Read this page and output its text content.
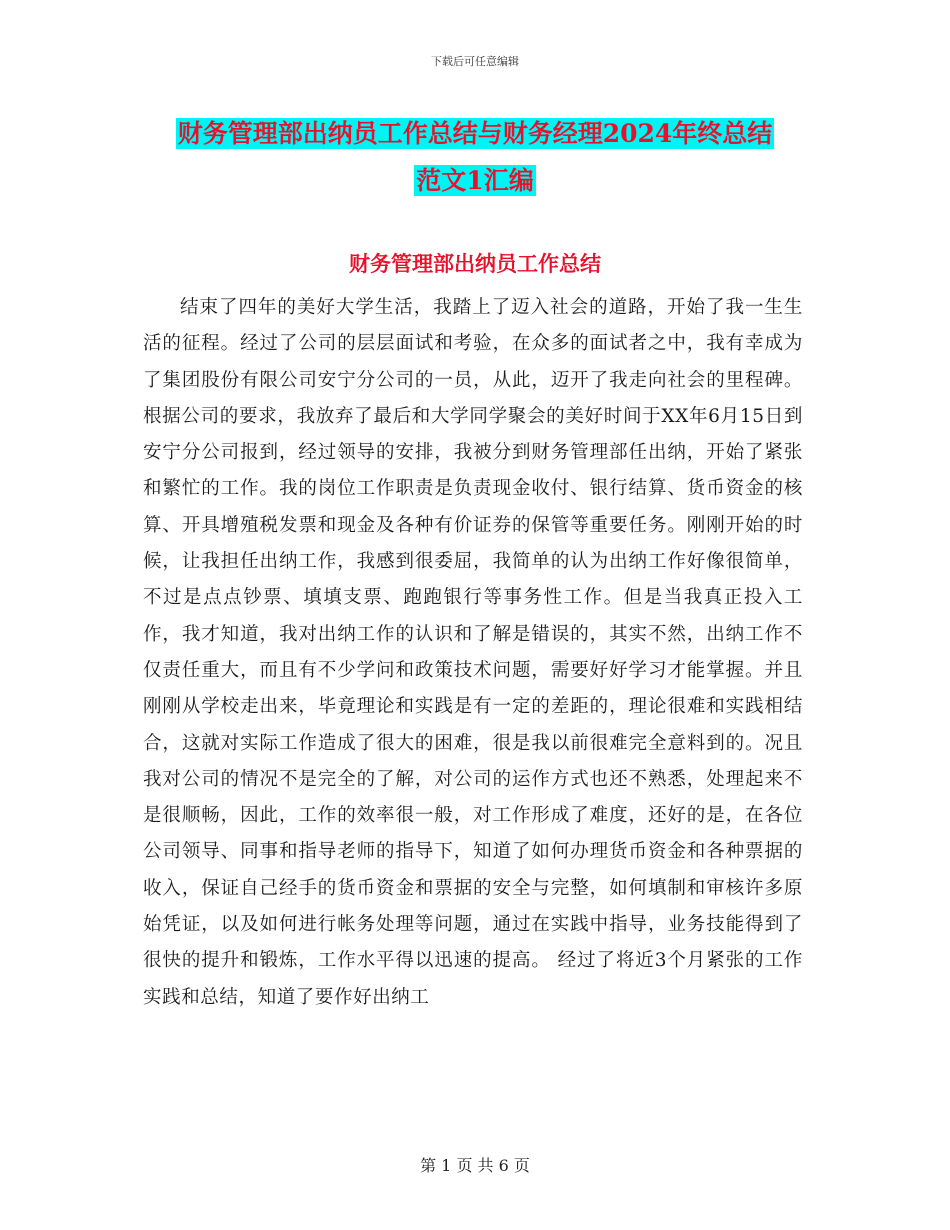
下载后可任意编辑
财务管理部出纳员工作总结与财务经理2024年终总结
范文1汇编
财务管理部出纳员工作总结

结束了四年的美好大学生活，我踏上了迈入社会的道路，开始了我一生生活的征程。经过了公司的层层面试和考验，在众多的面试者之中，我有幸成为了集团股份有限公司安宁分公司的一员，从此，迈开了我走向社会的里程碑。 根据公司的要求，我放弃了最后和大学同学聚会的美好时间于XX年6月15日到安宁分公司报到，经过领导的安排，我被分到财务管理部任出纳，开始了紧张和繁忙的工作。我的岗位工作职责是负责现金收付、银行结算、货币资金的核算、开具增殖税发票和现金及各种有价证券的保管等重要任务。刚刚开始的时候，让我担任出纳工作，我感到很委屈，我简单的认为出纳工作好像很简单，不过是点点钞票、填填支票、跑跑银行等事务性工作。但是当我真正投入工作，我才知道，我对出纳工作的认识和了解是错误的，其实不然，出纳工作不仅责任重大，而且有不少学问和政策技术问题，需要好好学习才能掌握。并且刚刚从学校走出来，毕竟理论和实践是有一定的差距的，理论很难和实践相结合，这就对实际工作造成了很大的困难，很是我以前很难完全意料到的。况且我对公司的情况不是完全的了解，对公司的运作方式也还不熟悉，处理起来不是很顺畅，因此，工作的效率很一般，对工作形成了难度，还好的是，在各位公司领导、同事和指导老师的指导下，知道了如何办理货币资金和各种票据的收入，保证自己经手的货币资金和票据的安全与完整，如何填制和审核许多原始凭证，以及如何进行帐务处理等问题，通过在实践中指导，业务技能得到了很快的提升和锻炼，工作水平得以迅速的提高。 经过了将近3个月紧张的工作实践和总结，知道了要作好出纳工

第 1 页 共 6 页
